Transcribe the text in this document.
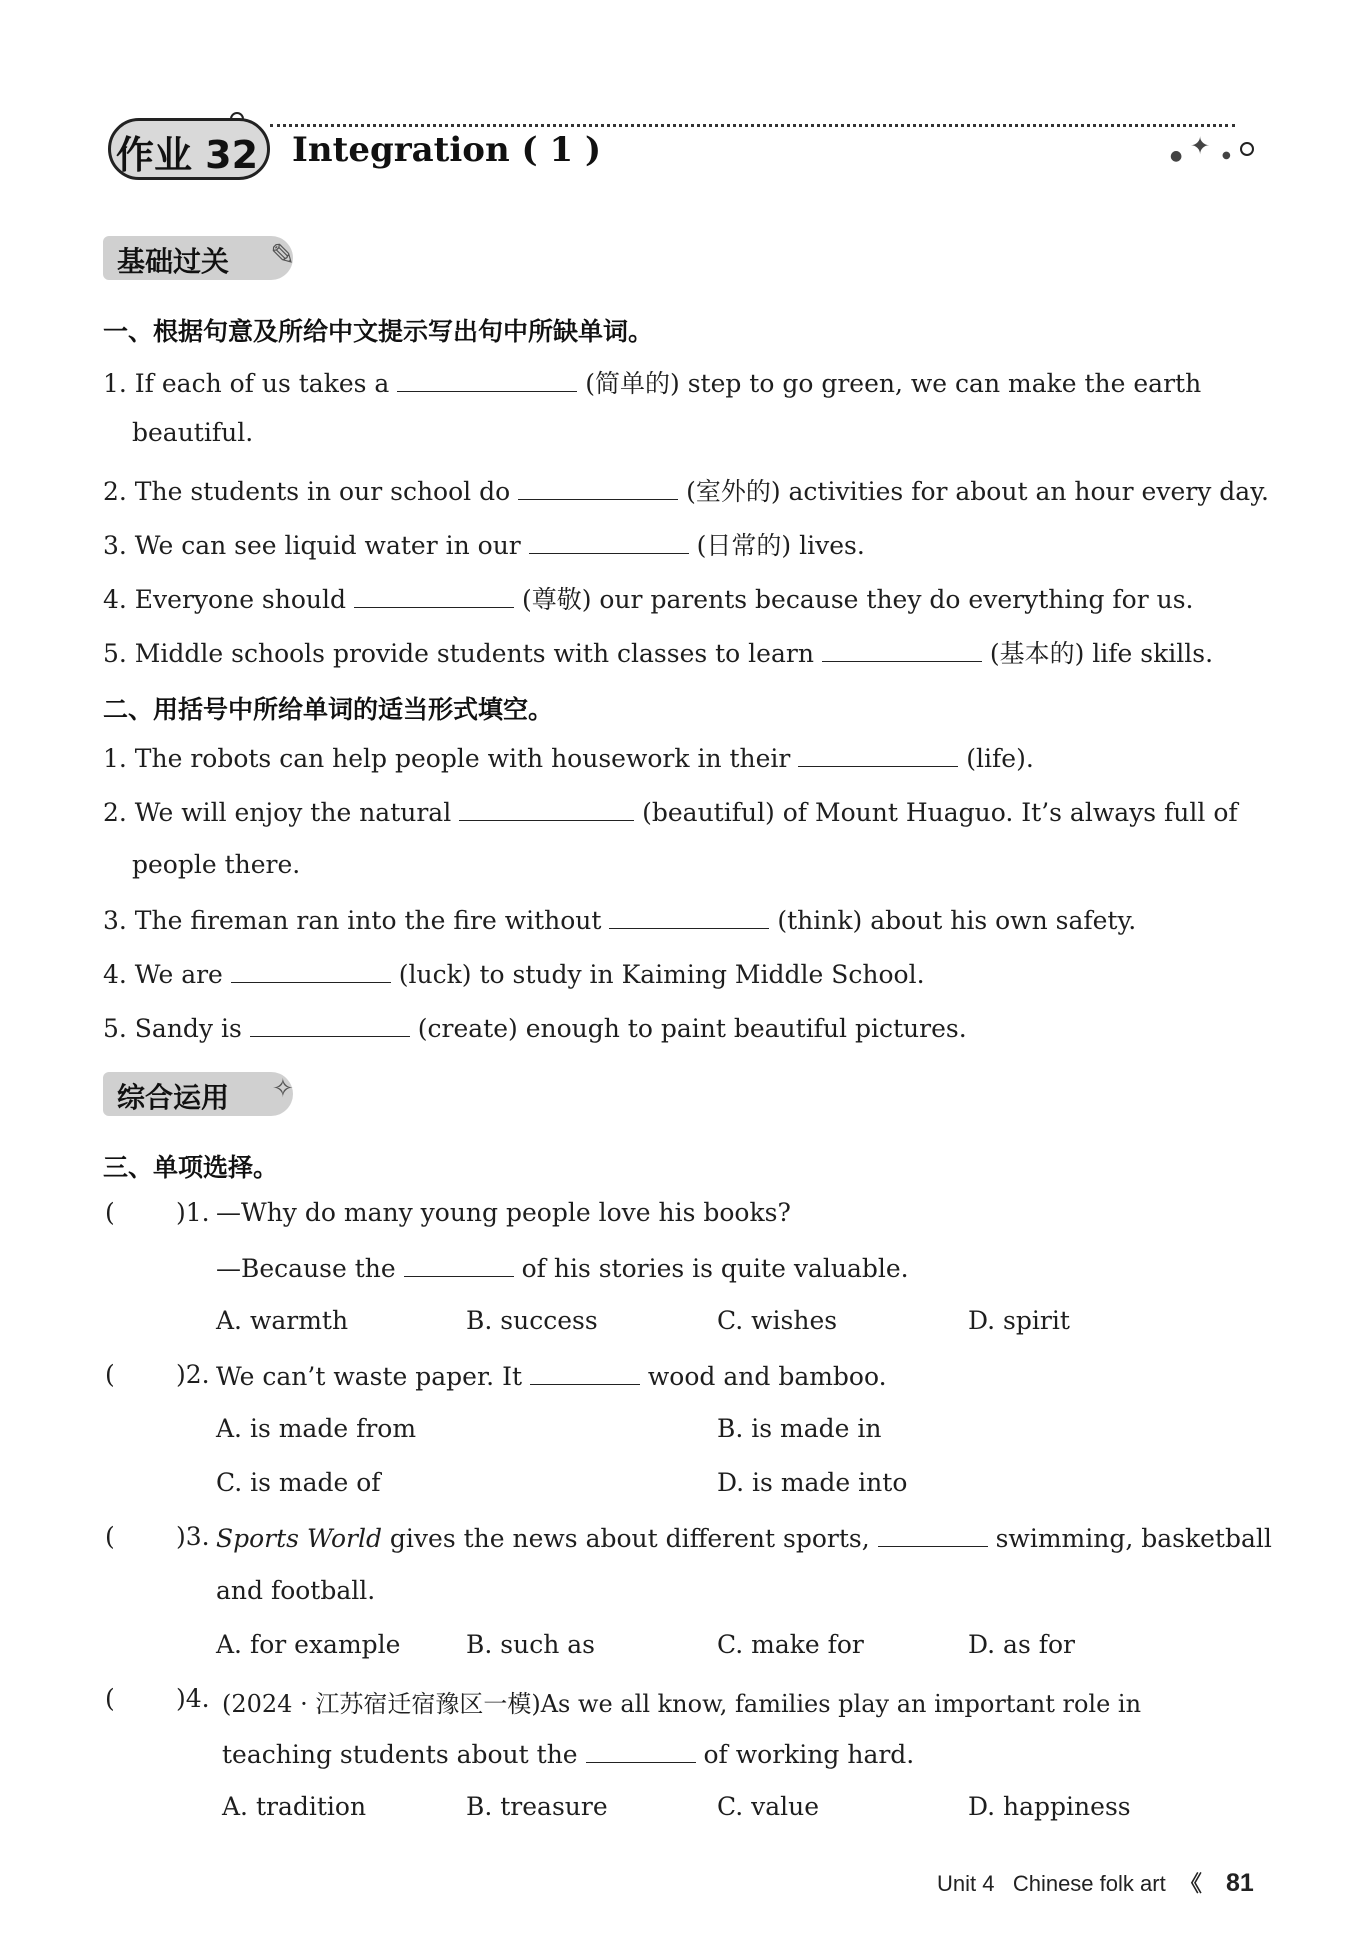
✦
●	●
作业 32 Integration ( 1 )
基础过关	✎
一、根据句意及所给中文提示写出句中所缺单词。
1. If each of us takes a	(简单的) step to go green, we can make the earth
beautiful.
2. The students in our school do	(室外的) activities for about an hour every day.
3. We can see liquid water in our	(日常的) lives.
4. Everyone should	(尊敬) our parents because they do everything for us.
5. Middle schools provide students with classes to learn	(基本的) life skills.
二、用括号中所给单词的适当形式填空。
1. The robots can help people with housework in their	(life).
2. We will enjoy the natural	(beautiful) of Mount Huaguo. It’s always full of
people there.
3. The fireman ran into the fire without	(think) about his own safety.
4. We are	(luck) to study in Kaiming Middle School.
5. Sandy is	(create) enough to paint beautiful pictures.
综合运用	✧
三、单项选择。
( )1. —Why do many young people love his books?
—Because the	of his stories is quite valuable.
A. warmth	B. success	C. wishes	D. spirit
( )2. We can’t waste paper. It	wood and bamboo.
A. is made from	B. is made in
C. is made of	D. is made into
( )3. Sports World gives the news about different sports,	swimming, basketball
and football.
A. for example	B. such as	C. make for	D. as for
( )4. (2024 · 江苏宿迁宿豫区一模)As we all know, families play an important role in
teaching students about the	of working hard.
A. tradition	B. treasure	C. value	D. happiness
Unit 4 Chinese folk art 《 81
